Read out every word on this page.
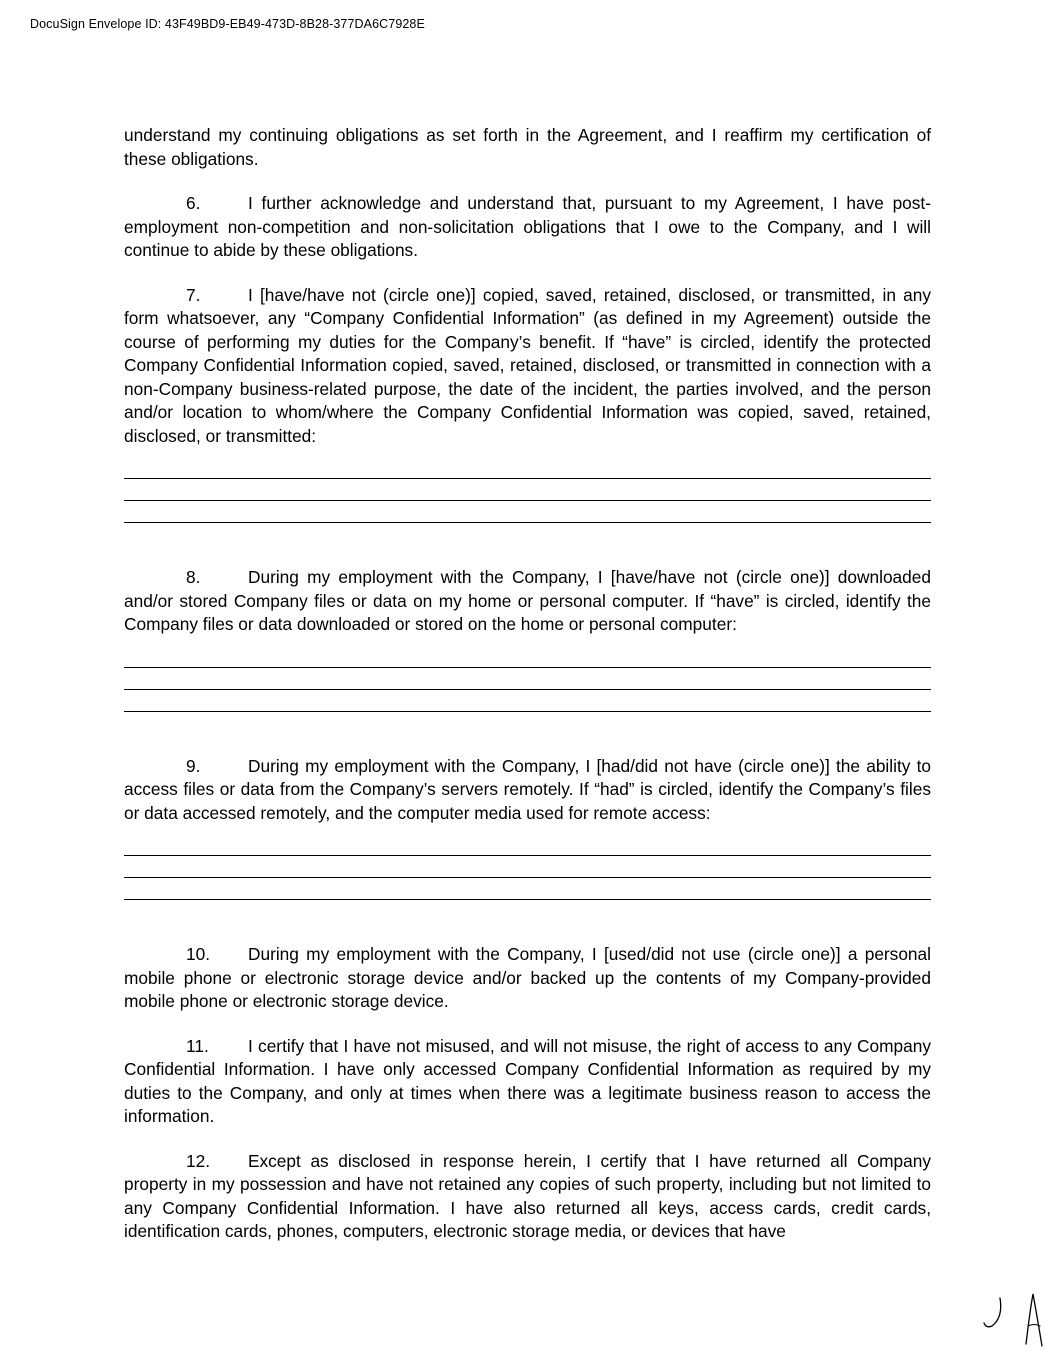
DocuSign Envelope ID: 43F49BD9-EB49-473D-8B28-377DA6C7928E

understand my continuing obligations as set forth in the Agreement, and I reaffirm my certification of these obligations.

6.	I further acknowledge and understand that, pursuant to my Agreement, I have post-employment non-competition and non-solicitation obligations that I owe to the Company, and I will continue to abide by these obligations.

7.	I [have/have not (circle one)] copied, saved, retained, disclosed, or transmitted, in any form whatsoever, any “Company Confidential Information” (as defined in my Agreement) outside the course of performing my duties for the Company’s benefit. If “have” is circled, identify the protected Company Confidential Information copied, saved, retained, disclosed, or transmitted in connection with a non-Company business-related purpose, the date of the incident, the parties involved, and the person and/or location to whom/where the Company Confidential Information was copied, saved, retained, disclosed, or transmitted:

8.	During my employment with the Company, I [have/have not (circle one)] downloaded and/or stored Company files or data on my home or personal computer. If “have” is circled, identify the Company files or data downloaded or stored on the home or personal computer:

9.	During my employment with the Company, I [had/did not have (circle one)] the ability to access files or data from the Company’s servers remotely. If “had” is circled, identify the Company’s files or data accessed remotely, and the computer media used for remote access:

10. During my employment with the Company, I [used/did not use (circle one)] a personal mobile phone or electronic storage device and/or backed up the contents of my Company-provided mobile phone or electronic storage device.

11. I certify that I have not misused, and will not misuse, the right of access to any Company Confidential Information. I have only accessed Company Confidential Information as required by my duties to the Company, and only at times when there was a legitimate business reason to access the information.

12. Except as disclosed in response herein, I certify that I have returned all Company property in my possession and have not retained any copies of such property, including but not limited to any Company Confidential Information. I have also returned all keys, access cards, credit cards, identification cards, phones, computers, electronic storage media, or devices that have
